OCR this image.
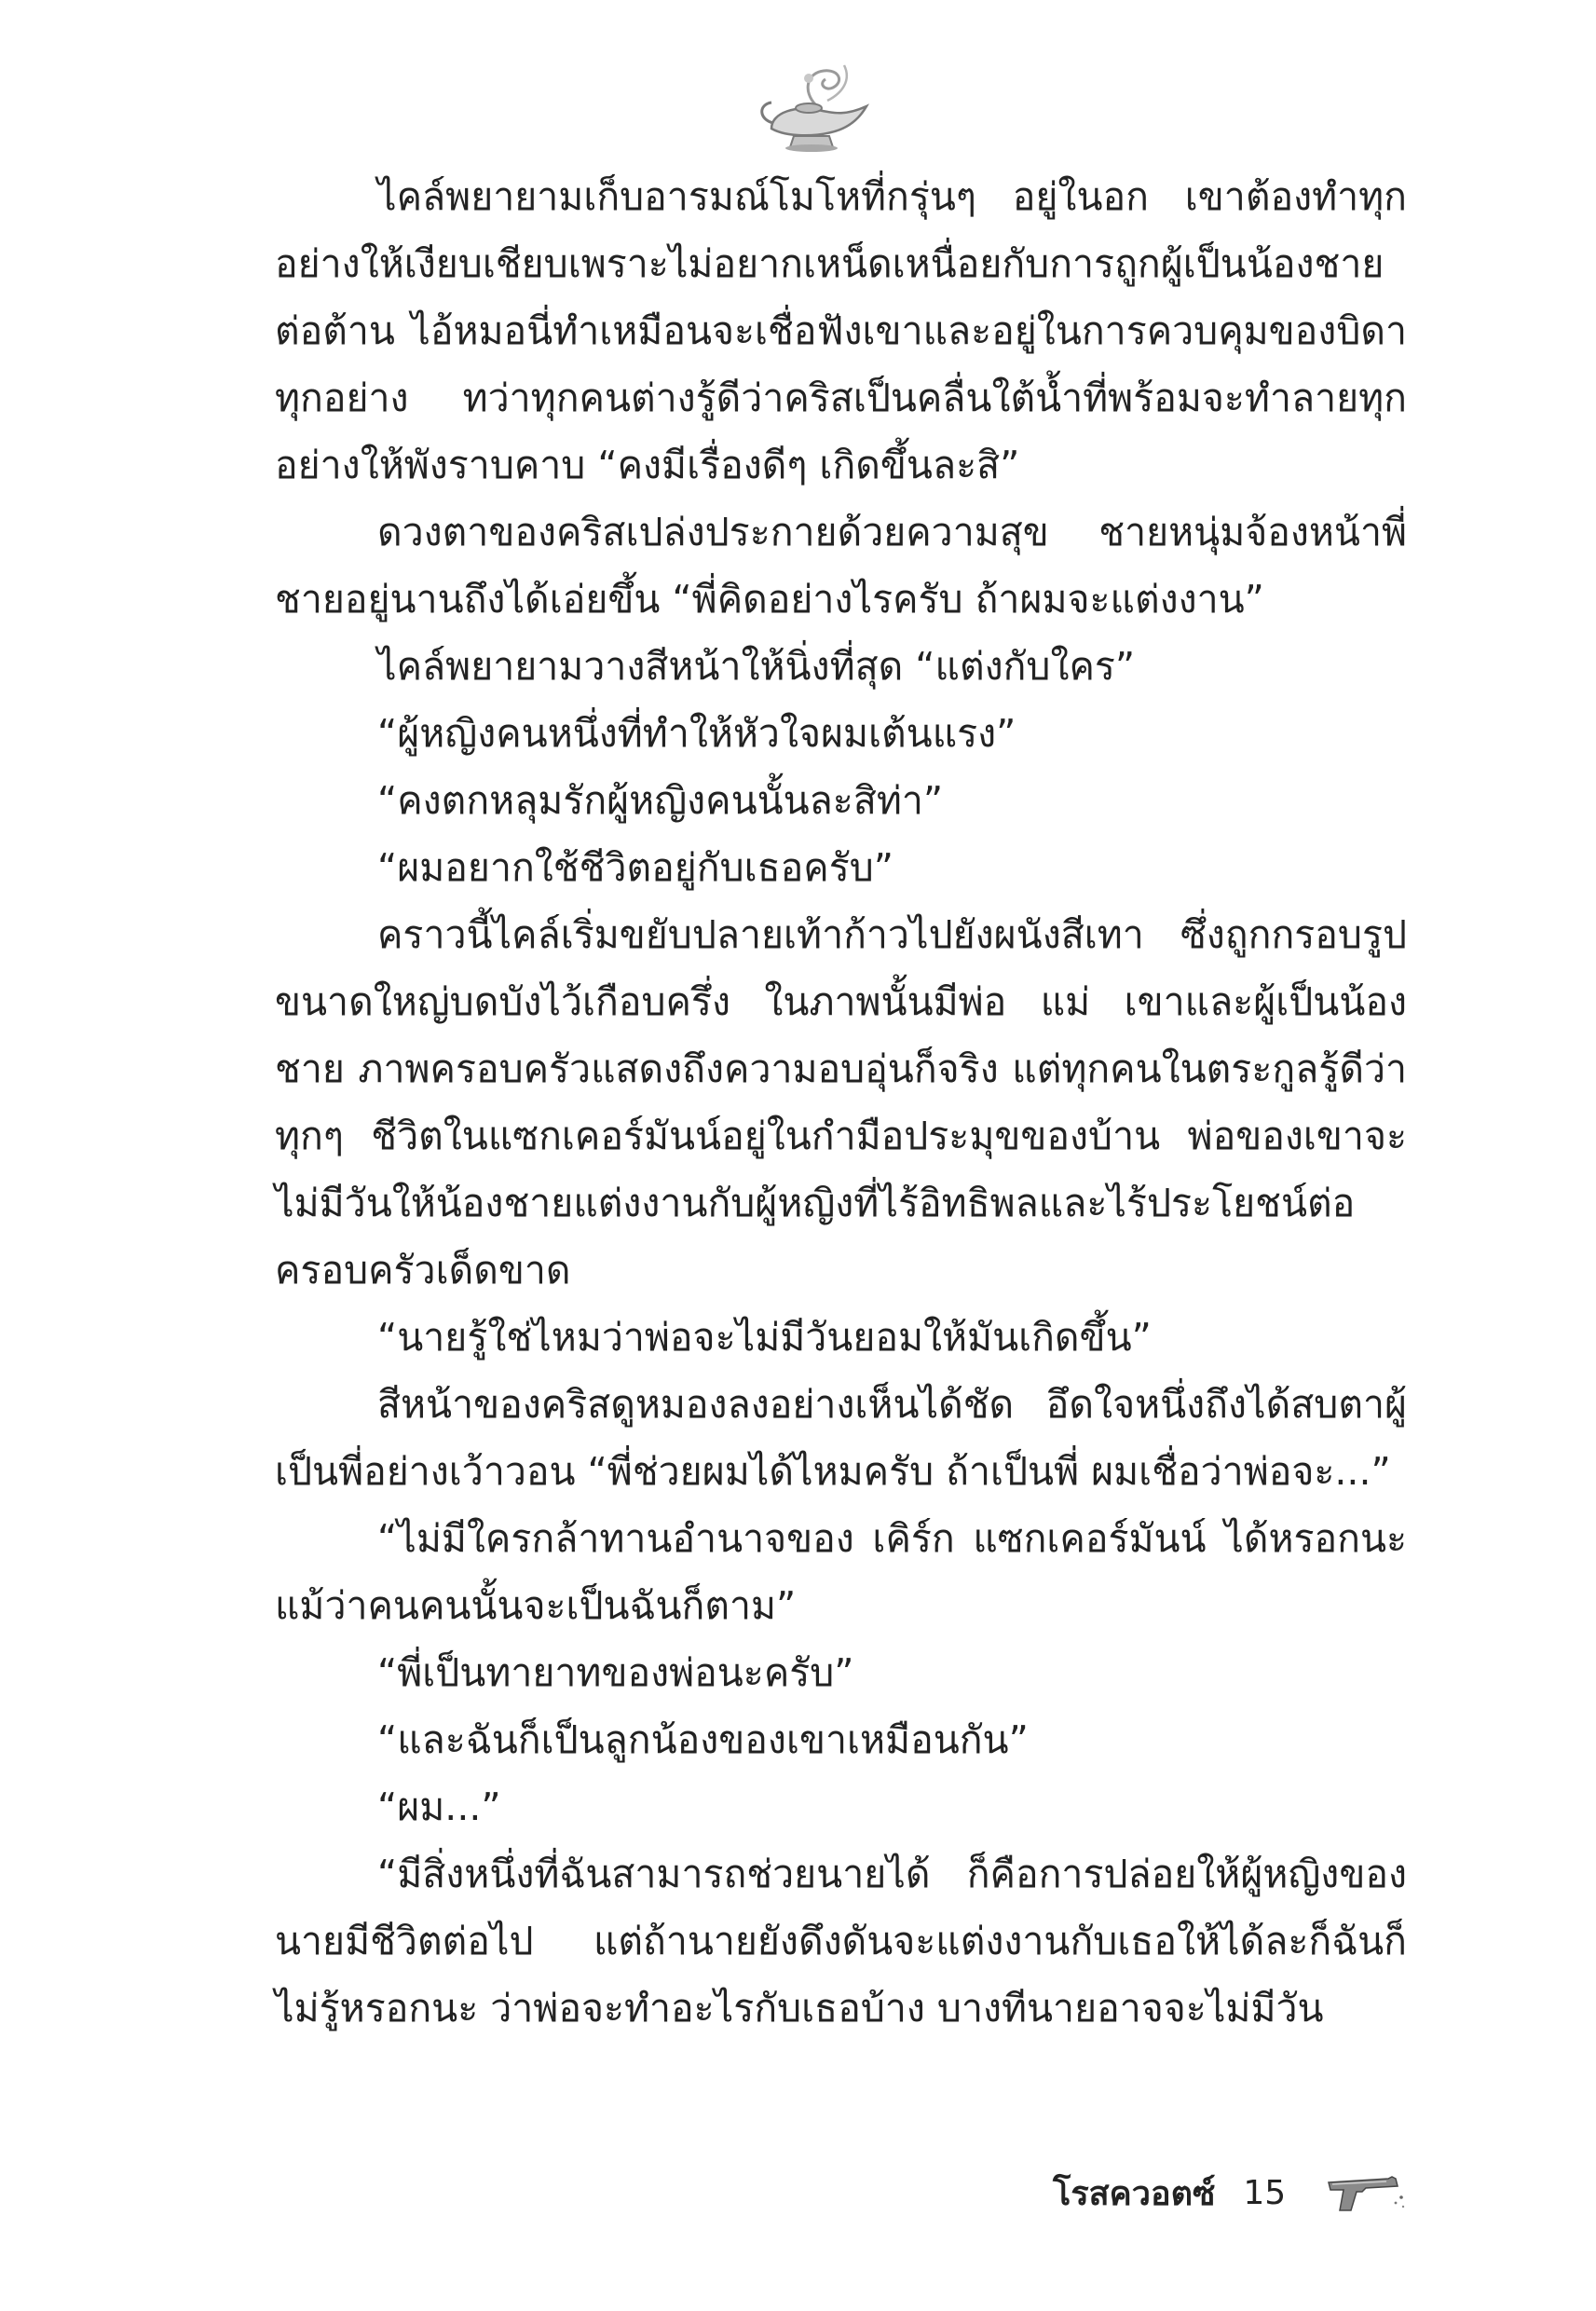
ไคล์พยายามเก็บอารมณ์โมโหที่กรุ่นๆ อยู่ในอก เขาต้องทำทุกอย่างให้เงียบเชียบเพราะไม่อยากเหน็ดเหนื่อยกับการถูกผู้เป็นน้องชายต่อต้าน ไอ้หมอนี่ทำเหมือนจะเชื่อฟังเขาและอยู่ในการควบคุมของบิดาทุกอย่าง ทว่าทุกคนต่างรู้ดีว่าคริสเป็นคลื่นใต้น้ำที่พร้อมจะทำลายทุกอย่างให้พังราบคาบ “คงมีเรื่องดีๆ เกิดขึ้นละสิ”

ดวงตาของคริสเปล่งประกายด้วยความสุข ชายหนุ่มจ้องหน้าพี่ชายอยู่นานถึงได้เอ่ยขึ้น “พี่คิดอย่างไรครับ ถ้าผมจะแต่งงาน”

ไคล์พยายามวางสีหน้าให้นิ่งที่สุด “แต่งกับใคร”

“ผู้หญิงคนหนึ่งที่ทำให้หัวใจผมเต้นแรง”

“คงตกหลุมรักผู้หญิงคนนั้นละสิท่า”

“ผมอยากใช้ชีวิตอยู่กับเธอครับ”

คราวนี้ไคล์เริ่มขยับปลายเท้าก้าวไปยังผนังสีเทา ซึ่งถูกกรอบรูปขนาดใหญ่บดบังไว้เกือบครึ่ง ในภาพนั้นมีพ่อ แม่ เขาและผู้เป็นน้องชาย ภาพครอบครัวแสดงถึงความอบอุ่นก็จริง แต่ทุกคนในตระกูลรู้ดีว่าทุกๆ ชีวิตในแซกเคอร์มันน์อยู่ในกำมือประมุขของบ้าน พ่อของเขาจะไม่มีวันให้น้องชายแต่งงานกับผู้หญิงที่ไร้อิทธิพลและไร้ประโยชน์ต่อครอบครัวเด็ดขาด

“นายรู้ใช่ไหมว่าพ่อจะไม่มีวันยอมให้มันเกิดขึ้น”

สีหน้าของคริสดูหมองลงอย่างเห็นได้ชัด อึดใจหนึ่งถึงได้สบตาผู้เป็นพี่อย่างเว้าวอน “พี่ช่วยผมได้ไหมครับ ถ้าเป็นพี่ ผมเชื่อว่าพ่อจะ...”

“ไม่มีใครกล้าทานอำนาจของ เคิร์ก แซกเคอร์มันน์ ได้หรอกนะแม้ว่าคนคนนั้นจะเป็นฉันก็ตาม”

“พี่เป็นทายาทของพ่อนะครับ”

“และฉันก็เป็นลูกน้องของเขาเหมือนกัน”

“ผม...”

“มีสิ่งหนึ่งที่ฉันสามารถช่วยนายได้ ก็คือการปล่อยให้ผู้หญิงของนายมีชีวิตต่อไป แต่ถ้านายยังดึงดันจะแต่งงานกับเธอให้ได้ละก็ฉันก็ไม่รู้หรอกนะ ว่าพ่อจะทำอะไรกับเธอบ้าง บางทีนายอาจจะไม่มีวัน

โรสควอตซ์ 15
